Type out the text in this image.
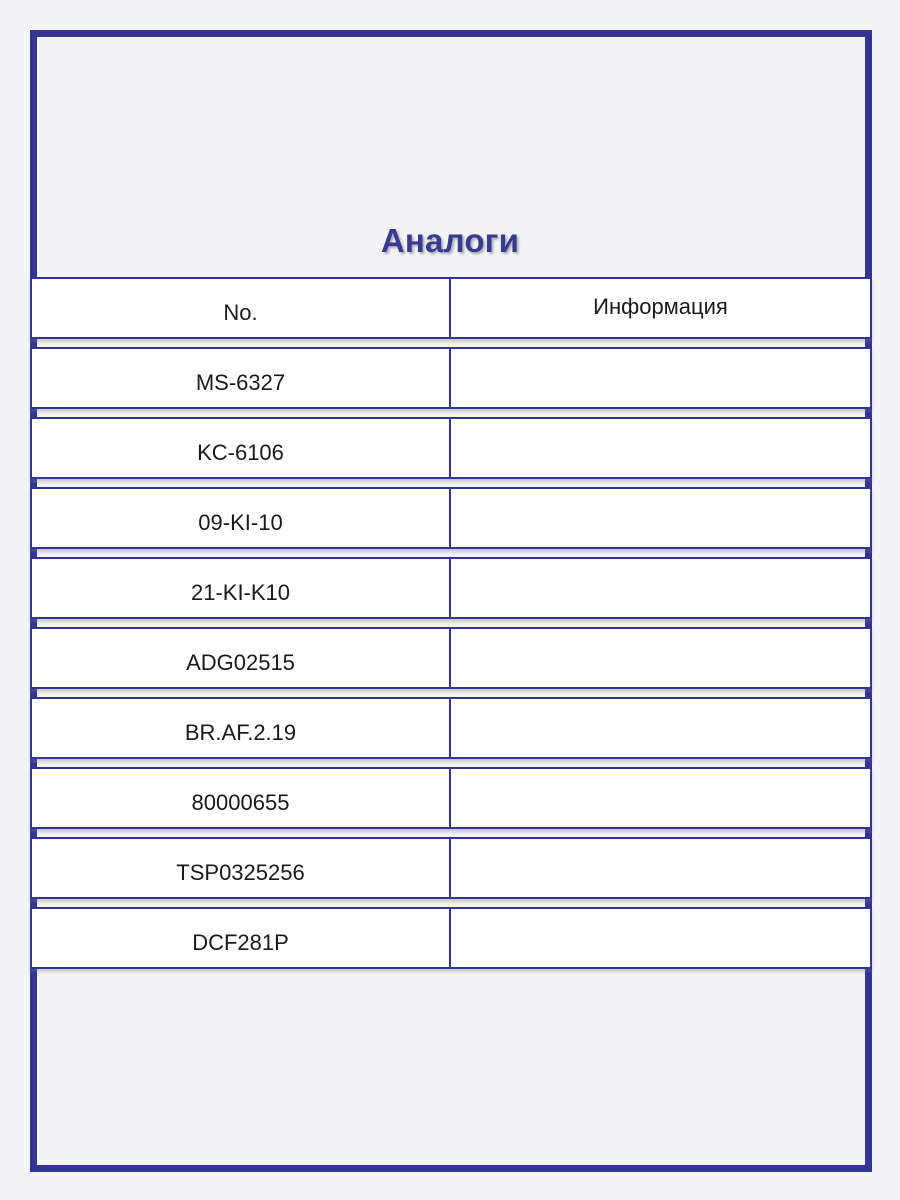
Аналоги
No.	Информация
MS-6327
KC-6106
09-KI-10
21-KI-K10
ADG02515
BR.AF.2.19
80000655
TSP0325256
DCF281P
